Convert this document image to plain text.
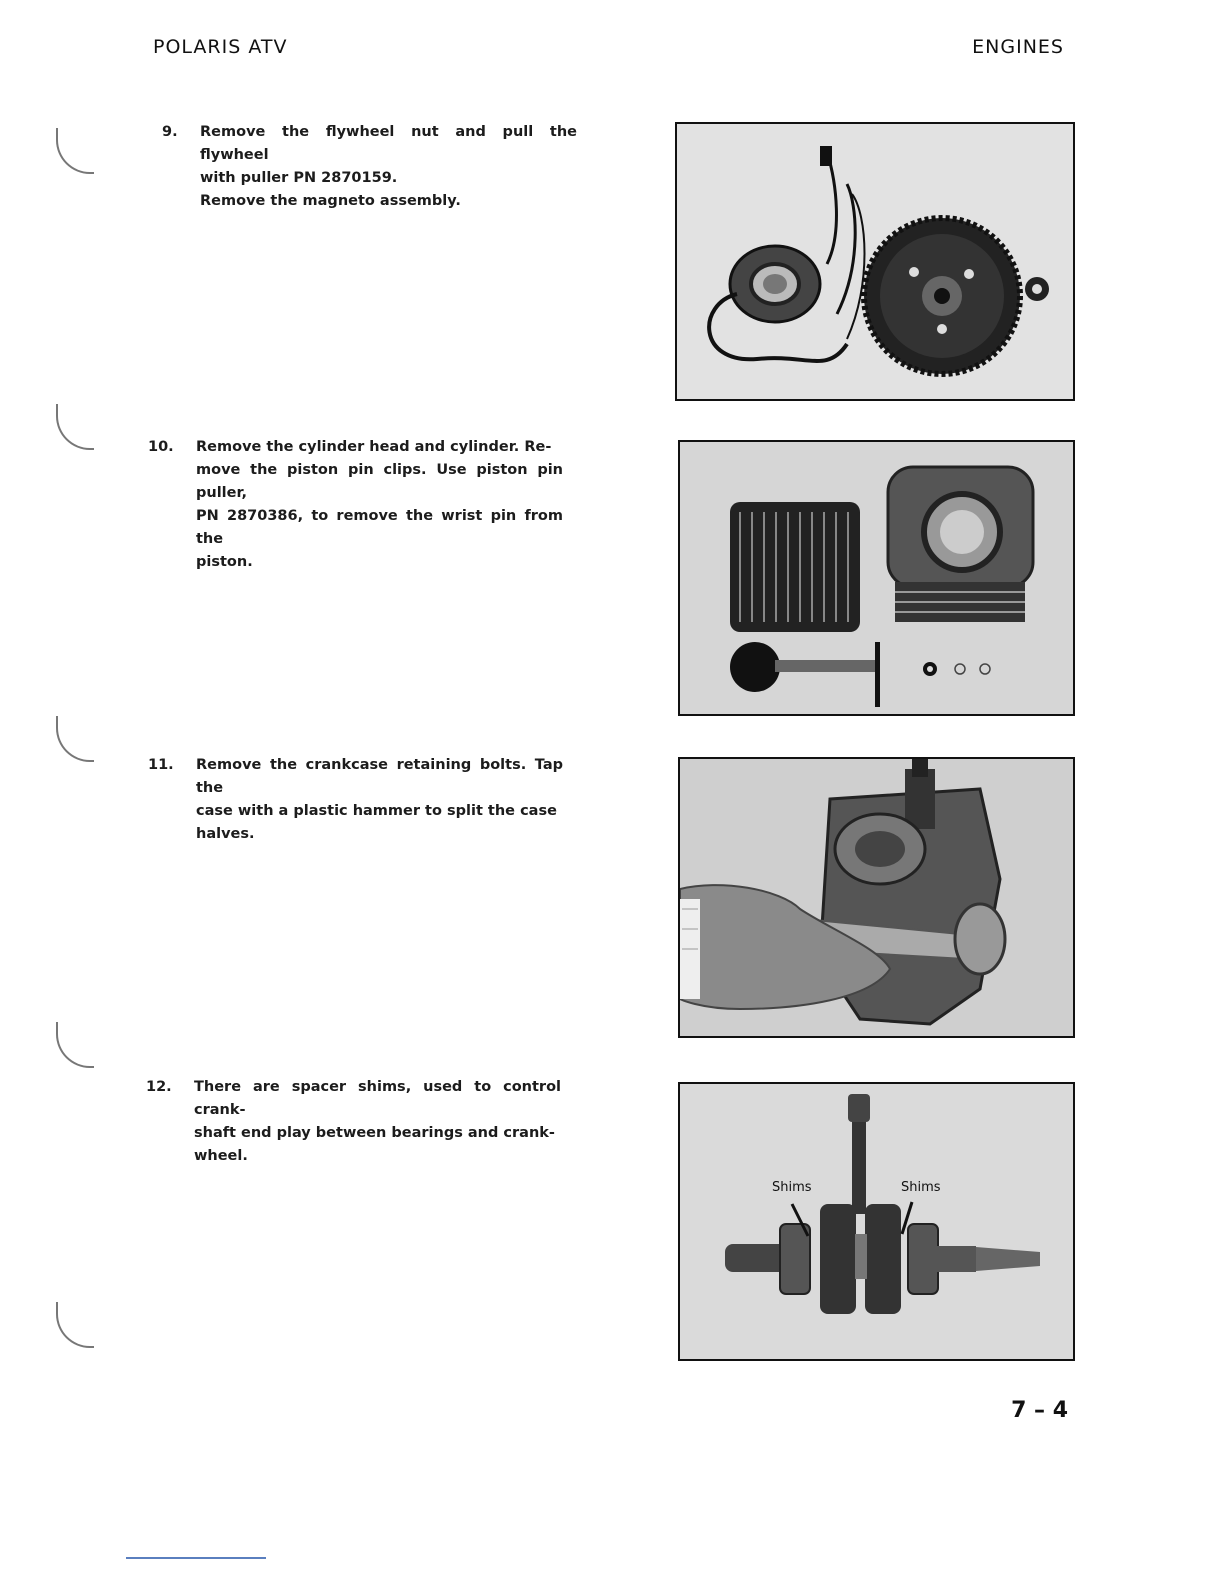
POLARIS ATV	ENGINES
9.	Remove the flywheel nut and pull the flywheel
with puller PN 2870159.
Remove the magneto assembly.
10.	Remove the cylinder head and cylinder. Re-
move the piston pin clips. Use piston pin puller,
PN 2870386, to remove the wrist pin from the
piston.
11.	Remove the crankcase retaining bolts. Tap the
case with a plastic hammer to split the case
halves.
12.	There are spacer shims, used to control crank-
shaft end play between bearings and crank-
wheel.
Shims	Shims
7 – 4
